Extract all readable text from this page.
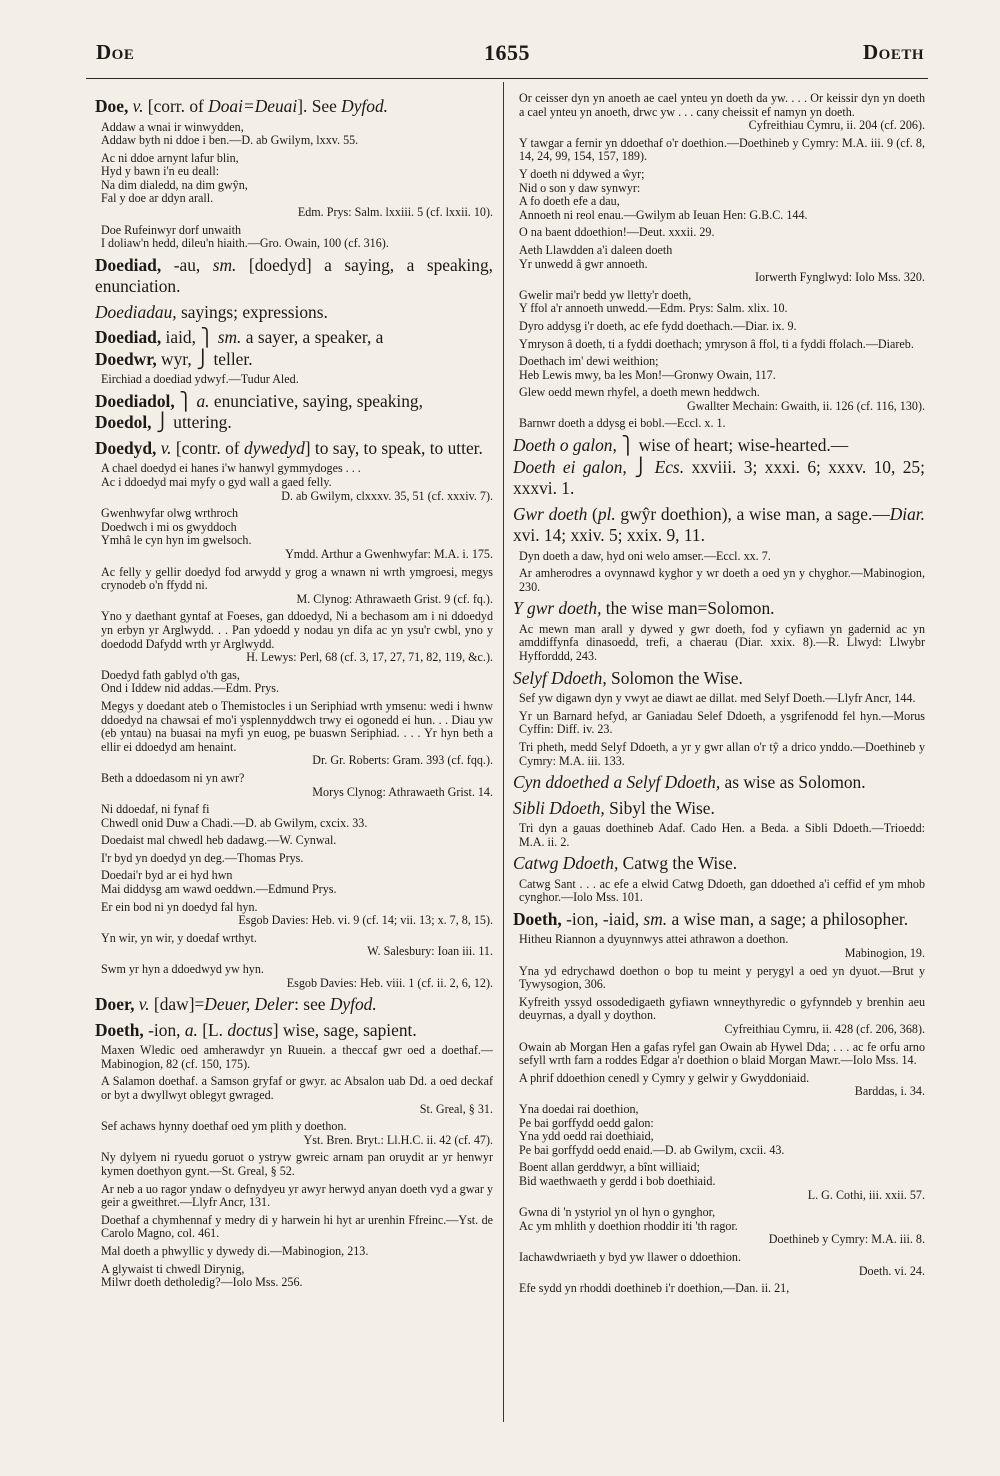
Doe	1655	Doeth
Doe, v. [corr. of Doai=Deuai]. See Dyfod.
Addaw a wnai ir winwydden,
Addaw byth ni ddoe i ben.—D. ab Gwilym, lxxv. 55.
Ac ni ddoe arnynt lafur blin,
Hyd y bawn i'n eu deall:
Na dim dialedd, na dim gwŷn,
Fal y doe ar ddyn arall.
Edm. Prys: Salm. lxxiii. 5 (cf. lxxii. 10).
Doe Rufeinwyr dorf unwaith
I doliaw'n hedd, dileu'n hiaith.—Gro. Owain, 100 (cf. 316).
Doediad, -au, sm. [doedyd] a saying, a speaking, enunciation.
Doediadau, sayings; expressions.
Doediad, iaid, ⎫ sm. a sayer, a speaker, a
Doedwr, wyr, ⎭ teller.
Eirchiad a doediad ydwyf.—Tudur Aled.
Doediadol, ⎫ a. enunciative, saying, speaking,
Doedol, ⎭ uttering.
Doedyd, v. [contr. of dywedyd] to say, to speak, to utter.
A chael doedyd ei hanes i'w hanwyl gymmydoges . . .
Ac i ddoedyd mai myfy o gyd wall a gaed felly.
D. ab Gwilym, clxxxv. 35, 51 (cf. xxxiv. 7).
Gwenhwyfar olwg wrthroch
Doedwch i mi os gwyddoch
Ymhâ le cyn hyn im gwelsoch.
Ymdd. Arthur a Gwenhwyfar: M.A. i. 175.
Ac felly y gellir doedyd fod arwydd y grog a wnawn ni wrth ymgroesi, megys crynodeb o'n ffydd ni.
M. Clynog: Athrawaeth Grist. 9 (cf. fq.).
Yno y daethant gyntaf at Foeses, gan ddoedyd, Ni a bechasom am i ni ddoedyd yn erbyn yr Arglwydd. . . Pan ydoedd y nodau yn difa ac yn ysu'r cwbl, yno y doedodd Dafydd wrth yr Arglwydd.
H. Lewys: Perl, 68 (cf. 3, 17, 27, 71, 82, 119, &c.).
Doedyd fath gablyd o'th gas,
Ond i Iddew nid addas.—Edm. Prys.
Megys y doedant ateb o Themistocles i un Seriphiad wrth ymsenu: wedi i hwnw ddoedyd na chawsai ef mo'i ysplennyddwch trwy ei ogonedd ei hun. . . Diau yw (eb yntau) na buasai na myfi yn euog, pe buaswn Seriphiad. . . . Yr hyn beth a ellir ei ddoedyd am henaint.
Dr. Gr. Roberts: Gram. 393 (cf. fqq.).
Beth a ddoedasom ni yn awr?
Morys Clynog: Athrawaeth Grist. 14.
Ni ddoedaf, ni fynaf fi
Chwedl onid Duw a Chadi.—D. ab Gwilym, cxcix. 33.
Doedaist mal chwedl heb dadawg.—W. Cynwal.
I'r byd yn doedyd yn deg.—Thomas Prys.
Doedai'r byd ar ei hyd hwn
Mai diddysg am wawd oeddwn.—Edmund Prys.
Er ein bod ni yn doedyd fal hyn.
Esgob Davies: Heb. vi. 9 (cf. 14; vii. 13; x. 7, 8, 15).
Yn wir, yn wir, y doedaf wrthyt.
W. Salesbury: Ioan iii. 11.
Swm yr hyn a ddoedwyd yw hyn.
Esgob Davies: Heb. viii. 1 (cf. ii. 2, 6, 12).
Doer, v. [daw]=Deuer, Deler: see Dyfod.
Doeth, -ion, a. [L. doctus] wise, sage, sapient.
Maxen Wledic oed amherawdyr yn Ruuein. a theccaf gwr oed a doethaf.—Mabinogion, 82 (cf. 150, 175).
A Salamon doethaf. a Samson gryfaf or gwyr. ac Absalon uab Dd. a oed deckaf or byt a dwyllwyt oblegyt gwraged.
St. Greal, § 31.
Sef achaws hynny doethaf oed ym plith y doethon.
Yst. Bren. Bryt.: Ll.H.C. ii. 42 (cf. 47).
Ny dylyem ni ryuedu goruot o ystryw gwreic arnam pan oruydit ar yr henwyr kymen doethyon gynt.—St. Greal, § 52.
Ar neb a uo ragor yndaw o defnydyeu yr awyr herwyd anyan doeth vyd a gwar y geir a gweithret.—Llyfr Ancr, 131.
Doethaf a chymhennaf y medry di y harwein hi hyt ar urenhin Ffreinc.—Yst. de Carolo Magno, col. 461.
Mal doeth a phwyllic y dywedy di.—Mabinogion, 213.
A glywaist ti chwedl Dirynig,
Milwr doeth detholedig?—Iolo Mss. 256.
Or ceisser dyn yn anoeth ae cael ynteu yn doeth da yw. . . . Or keissir dyn yn doeth a cael ynteu yn anoeth, drwc yw . . . cany cheissit ef namyn yn doeth.
Cyfreithiau Cymru, ii. 204 (cf. 206).
Y tawgar a fernir yn ddoethaf o'r doethion.—Doethineb y Cymry: M.A. iii. 9 (cf. 8, 14, 24, 99, 154, 157, 189).
Y doeth ni ddywed a ŵyr;
Nid o son y daw synwyr:
A fo doeth efe a dau,
Annoeth ni reol enau.—Gwilym ab Ieuan Hen: G.B.C. 144.
O na baent ddoethion!—Deut. xxxii. 29.
Aeth Llawdden a'i daleen doeth
Yr unwedd â gwr annoeth.
Iorwerth Fynglwyd: Iolo Mss. 320.
Gwelir mai'r bedd yw lletty'r doeth,
Y ffol a'r annoeth unwedd.—Edm. Prys: Salm. xlix. 10.
Dyro addysg i'r doeth, ac efe fydd doethach.—Diar. ix. 9.
Ymryson â doeth, ti a fyddi doethach; ymryson â ffol, ti a fyddi ffolach.—Diareb.
Doethach im' dewi weithion;
Heb Lewis mwy, ba les Mon!—Gronwy Owain, 117.
Glew oedd mewn rhyfel, a doeth mewn heddwch.
Gwallter Mechain: Gwaith, ii. 126 (cf. 116, 130).
Barnwr doeth a ddysg ei bobl.—Eccl. x. 1.
Doeth o galon, ⎫ wise of heart; wise-hearted.—
Doeth ei galon, ⎭ Ecs. xxviii. 3; xxxi. 6; xxxv. 10, 25; xxxvi. 1.
Gwr doeth (pl. gwŷr doethion), a wise man, a sage.—Diar. xvi. 14; xxiv. 5; xxix. 9, 11.
Dyn doeth a daw, hyd oni welo amser.—Eccl. xx. 7.
Ar amherodres a ovynnawd kyghor y wr doeth a oed yn y chyghor.—Mabinogion, 230.
Y gwr doeth, the wise man=Solomon.
Ac mewn man arall y dywed y gwr doeth, fod y cyfiawn yn gadernid ac yn amddiffynfa dinasoedd, trefi, a chaerau (Diar. xxix. 8).—R. Llwyd: Llwybr Hyfforddd, 243.
Selyf Ddoeth, Solomon the Wise.
Sef yw digawn dyn y vwyt ae diawt ae dillat. med Selyf Doeth.—Llyfr Ancr, 144.
Yr un Barnard hefyd, ar Ganiadau Selef Ddoeth, a ysgrifenodd fel hyn.—Morus Cyffin: Diff. iv. 23.
Tri pheth, medd Selyf Ddoeth, a yr y gwr allan o'r tŷ a drico ynddo.—Doethineb y Cymry: M.A. iii. 133.
Cyn ddoethed a Selyf Ddoeth, as wise as Solomon.
Sibli Ddoeth, Sibyl the Wise.
Tri dyn a gauas doethineb Adaf. Cado Hen. a Beda. a Sibli Ddoeth.—Trioedd: M.A. ii. 2.
Catwg Ddoeth, Catwg the Wise.
Catwg Sant . . . ac efe a elwid Catwg Ddoeth, gan ddoethed a'i ceffid ef ym mhob cynghor.—Iolo Mss. 101.
Doeth, -ion, -iaid, sm. a wise man, a sage; a philosopher.
Hitheu Riannon a dyuynnwys attei athrawon a doethon.
Mabinogion, 19.
Yna yd edrychawd doethon o bop tu meint y perygyl a oed yn dyuot.—Brut y Tywysogion, 306.
Kyfreith yssyd ossodedigaeth gyfiawn wnneythyredic o gyfynndeb y brenhin aeu deuyrnas, a dyall y doython.
Cyfreithiau Cymru, ii. 428 (cf. 206, 368).
Owain ab Morgan Hen a gafas ryfel gan Owain ab Hywel Dda; . . . ac fe orfu arno sefyll wrth farn a roddes Edgar a'r doethion o blaid Morgan Mawr.—Iolo Mss. 14.
A phrif ddoethion cenedl y Cymry y gelwir y Gwyddoniaid.
Barddas, i. 34.
Yna doedai rai doethion,
Pe bai gorffydd oedd galon:
Yna ydd oedd rai doethiaid,
Pe bai gorffydd oedd enaid.—D. ab Gwilym, cxcii. 43.
Boent allan gerddwyr, a bînt williaid;
Bid waethwaeth y gerdd i bob doethiaid.
L. G. Cothi, iii. xxii. 57.
Gwna di 'n ystyriol yn ol hyn o gynghor,
Ac ym mhlith y doethion rhoddir iti 'th ragor.
Doethineb y Cymry: M.A. iii. 8.
Iachawdwriaeth y byd yw llawer o ddoethion.
Doeth. vi. 24.
Efe sydd yn rhoddi doethineb i'r doethion,—Dan. ii. 21,
